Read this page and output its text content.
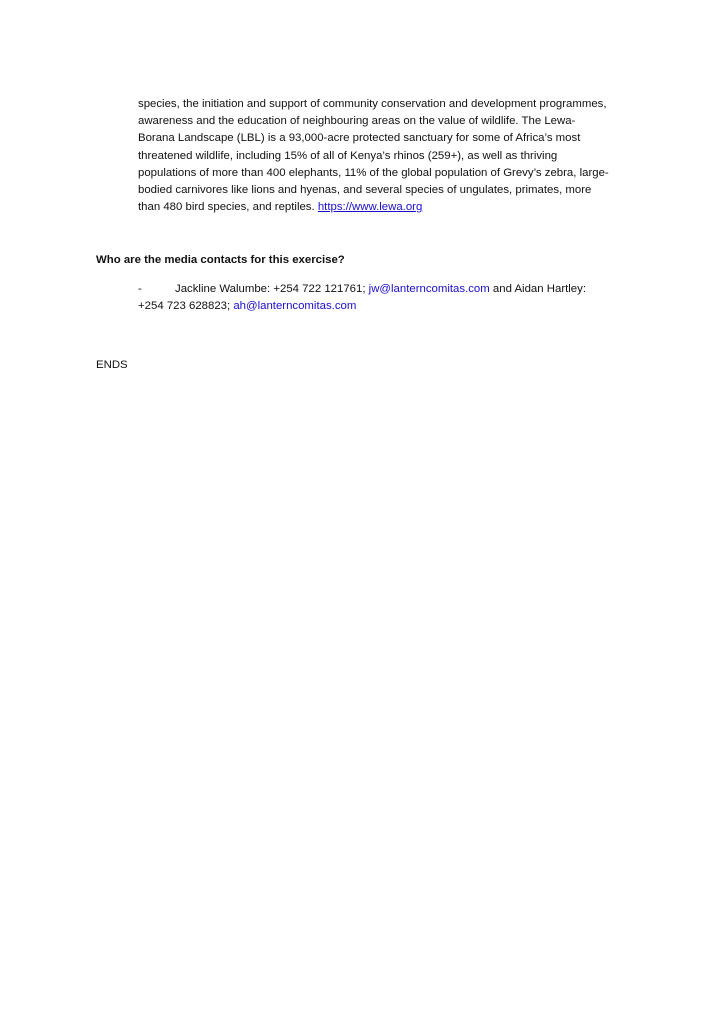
species, the initiation and support of community conservation and development programmes,
awareness and the education of neighbouring areas on the value of wildlife. The Lewa-
Borana Landscape (LBL) is a 93,000-acre protected sanctuary for some of Africa’s most
threatened wildlife, including 15% of all of Kenya’s rhinos (259+), as well as thriving
populations of more than 400 elephants, 11% of the global population of Grevy’s zebra, large-
bodied carnivores like lions and hyenas, and several species of ungulates, primates, more
than 480 bird species, and reptiles. https://www.lewa.org
Who are the media contacts for this exercise?
-	Jackline Walumbe: +254 722 121761; jw@lanterncomitas.com and Aidan Hartley:
+254 723 628823; ah@lanterncomitas.com
ENDS
